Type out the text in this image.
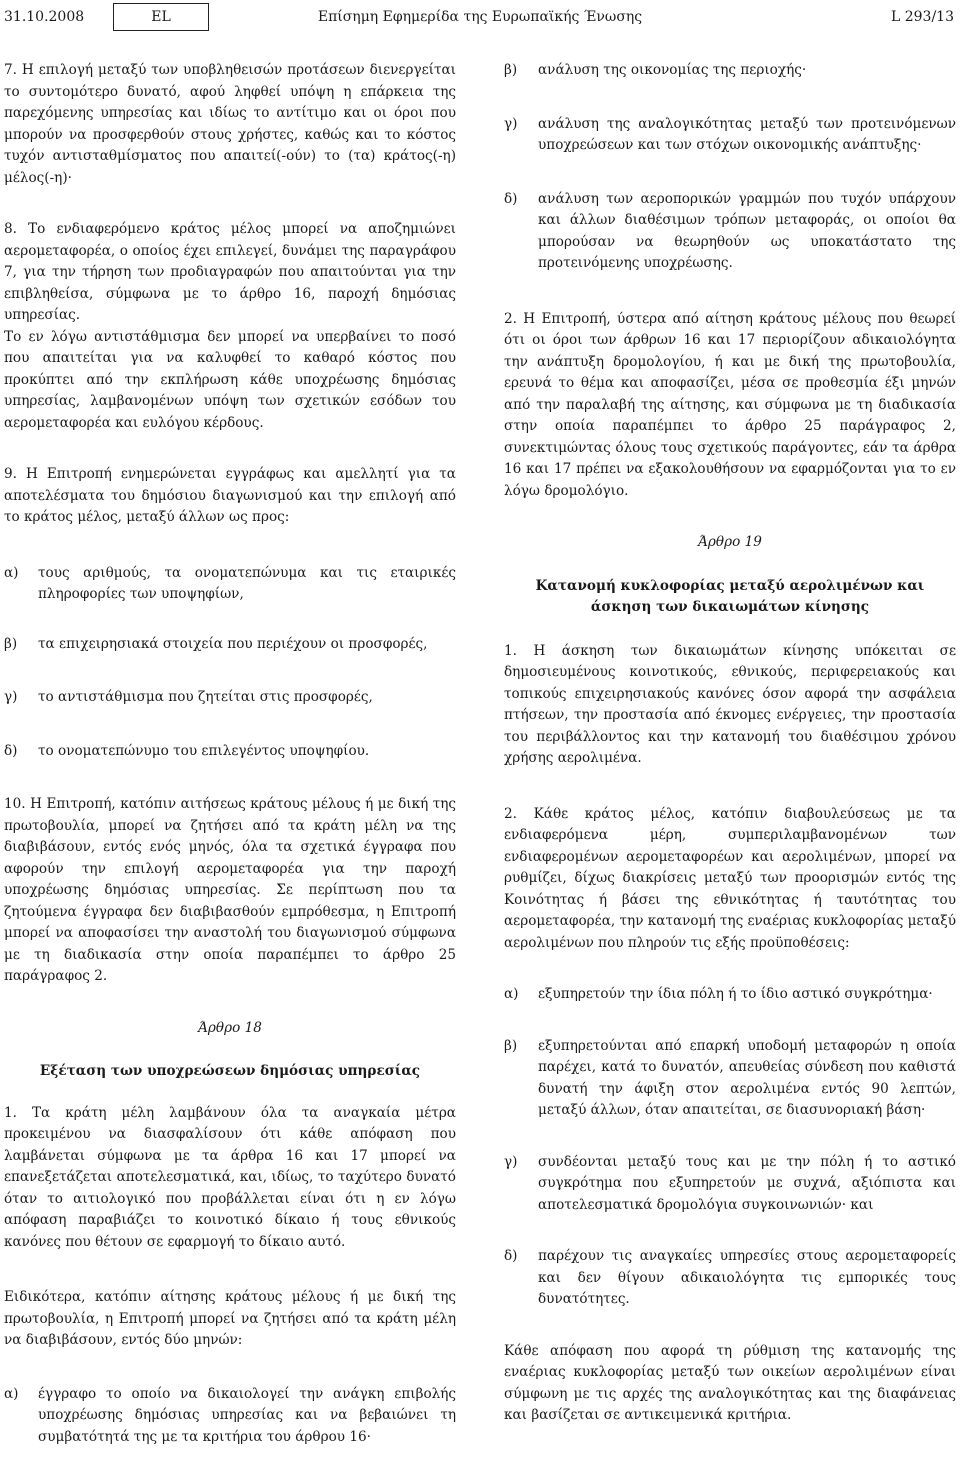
31.10.2008	Επίσημη Εφημερίδα της Ευρωπαϊκής Ένωσης
EL	L 293/13

7. Η επιλογή μεταξύ των υποβληθεισών προτάσεων διενεργείται το συντομότερο δυνατό, αφού ληφθεί υπόψη η επάρκεια της παρεχόμενης υπηρεσίας και ιδίως το αντίτιμο και οι όροι που μπορούν να προσφερθούν στους χρήστες, καθώς και το κόστος τυχόν αντισταθμίσματος που απαιτεί(-ούν) το (τα) κράτος(-η) μέλος(-η)·

8. Το ενδιαφερόμενο κράτος μέλος μπορεί να αποζημιώνει αερομεταφορέα, ο οποίος έχει επιλεγεί, δυνάμει της παραγράφου 7, για την τήρηση των προδιαγραφών που απαιτούνται για την επιβληθείσα, σύμφωνα με το άρθρο 16, παροχή δημόσιας υπηρεσίας.

Το εν λόγω αντιστάθμισμα δεν μπορεί να υπερβαίνει το ποσό που απαιτείται για να καλυφθεί το καθαρό κόστος που προκύπτει από την εκπλήρωση κάθε υποχρέωσης δημόσιας υπηρεσίας, λαμβανομένων υπόψη των σχετικών εσόδων του αερομεταφορέα και ευλόγου κέρδους.

9. Η Επιτροπή ενημερώνεται εγγράφως και αμελλητί για τα αποτελέσματα του δημόσιου διαγωνισμού και την επιλογή από το κράτος μέλος, μεταξύ άλλων ως προς:

α)	τους αριθμούς, τα ονοματεπώνυμα και τις εταιρικές πληροφορίες των υποψηφίων,
β)	τα επιχειρησιακά στοιχεία που περιέχουν οι προσφορές,
γ)	το αντιστάθμισμα που ζητείται στις προσφορές,
δ)	το ονοματεπώνυμο του επιλεγέντος υποψηφίου.

10. Η Επιτροπή, κατόπιν αιτήσεως κράτους μέλους ή με δική της πρωτοβουλία, μπορεί να ζητήσει από τα κράτη μέλη να της διαβιβάσουν, εντός ενός μηνός, όλα τα σχετικά έγγραφα που αφορούν την επιλογή αερομεταφορέα για την παροχή υποχρέωσης δημόσιας υπηρεσίας. Σε περίπτωση που τα ζητούμενα έγγραφα δεν διαβιβασθούν εμπρόθεσμα, η Επιτροπή μπορεί να αποφασίσει την αναστολή του διαγωνισμού σύμφωνα με τη διαδικασία στην οποία παραπέμπει το άρθρο 25 παράγραφος 2.

Άρθρο 18
Εξέταση των υποχρεώσεων δημόσιας υπηρεσίας

1. Τα κράτη μέλη λαμβάνουν όλα τα αναγκαία μέτρα προκειμένου να διασφαλίσουν ότι κάθε απόφαση που λαμβάνεται σύμφωνα με τα άρθρα 16 και 17 μπορεί να επανεξετάζεται αποτελεσματικά, και, ιδίως, το ταχύτερο δυνατό όταν το αιτιολογικό που προβάλλεται είναι ότι η εν λόγω απόφαση παραβιάζει το κοινοτικό δίκαιο ή τους εθνικούς κανόνες που θέτουν σε εφαρμογή το δίκαιο αυτό.

Ειδικότερα, κατόπιν αίτησης κράτους μέλους ή με δική της πρωτοβουλία, η Επιτροπή μπορεί να ζητήσει από τα κράτη μέλη να διαβιβάσουν, εντός δύο μηνών:

α)	έγγραφο το οποίο να δικαιολογεί την ανάγκη επιβολής υποχρέωσης δημόσιας υπηρεσίας και να βεβαιώνει τη συμβατότητά της με τα κριτήρια του άρθρου 16·
β)	ανάλυση της οικονομίας της περιοχής·
γ)	ανάλυση της αναλογικότητας μεταξύ των προτεινόμενων υποχρεώσεων και των στόχων οικονομικής ανάπτυξης·
δ)	ανάλυση των αεροπορικών γραμμών που τυχόν υπάρχουν και άλλων διαθέσιμων τρόπων μεταφοράς, οι οποίοι θα μπορούσαν να θεωρηθούν ως υποκατάστατο της προτεινόμενης υποχρέωσης.

2. Η Επιτροπή, ύστερα από αίτηση κράτους μέλους που θεωρεί ότι οι όροι των άρθρων 16 και 17 περιορίζουν αδικαιολόγητα την ανάπτυξη δρομολογίου, ή και με δική της πρωτοβουλία, ερευνά το θέμα και αποφασίζει, μέσα σε προθεσμία έξι μηνών από την παραλαβή της αίτησης, και σύμφωνα με τη διαδικασία στην οποία παραπέμπει το άρθρο 25 παράγραφος 2, συνεκτιμώντας όλους τους σχετικούς παράγοντες, εάν τα άρθρα 16 και 17 πρέπει να εξακολουθήσουν να εφαρμόζονται για το εν λόγω δρομολόγιο.

Άρθρο 19
Κατανομή κυκλοφορίας μεταξύ αερολιμένων και άσκηση των δικαιωμάτων κίνησης

1. Η άσκηση των δικαιωμάτων κίνησης υπόκειται σε δημοσιευμένους κοινοτικούς, εθνικούς, περιφερειακούς και τοπικούς επιχειρησιακούς κανόνες όσον αφορά την ασφάλεια πτήσεων, την προστασία από έκνομες ενέργειες, την προστασία του περιβάλλοντος και την κατανομή του διαθέσιμου χρόνου χρήσης αερολιμένα.

2. Κάθε κράτος μέλος, κατόπιν διαβουλεύσεως με τα ενδιαφερόμενα μέρη, συμπεριλαμβανομένων των ενδιαφερομένων αερομεταφορέων και αερολιμένων, μπορεί να ρυθμίζει, δίχως διακρίσεις μεταξύ των προορισμών εντός της Κοινότητας ή βάσει της εθνικότητας ή ταυτότητας του αερομεταφορέα, την κατανομή της εναέριας κυκλοφορίας μεταξύ αερολιμένων που πληρούν τις εξής προϋποθέσεις:

α)	εξυπηρετούν την ίδια πόλη ή το ίδιο αστικό συγκρότημα·
β)	εξυπηρετούνται από επαρκή υποδομή μεταφορών η οποία παρέχει, κατά το δυνατόν, απευθείας σύνδεση που καθιστά δυνατή την άφιξη στον αερολιμένα εντός 90 λεπτών, μεταξύ άλλων, όταν απαιτείται, σε διασυνοριακή βάση·
γ)	συνδέονται μεταξύ τους και με την πόλη ή το αστικό συγκρότημα που εξυπηρετούν με συχνά, αξιόπιστα και αποτελεσματικά δρομολόγια συγκοινωνιών· και
δ)	παρέχουν τις αναγκαίες υπηρεσίες στους αερομεταφορείς και δεν θίγουν αδικαιολόγητα τις εμπορικές τους δυνατότητες.

Κάθε απόφαση που αφορά τη ρύθμιση της κατανομής της εναέριας κυκλοφορίας μεταξύ των οικείων αερολιμένων είναι σύμφωνη με τις αρχές της αναλογικότητας και της διαφάνειας και βασίζεται σε αντικειμενικά κριτήρια.
